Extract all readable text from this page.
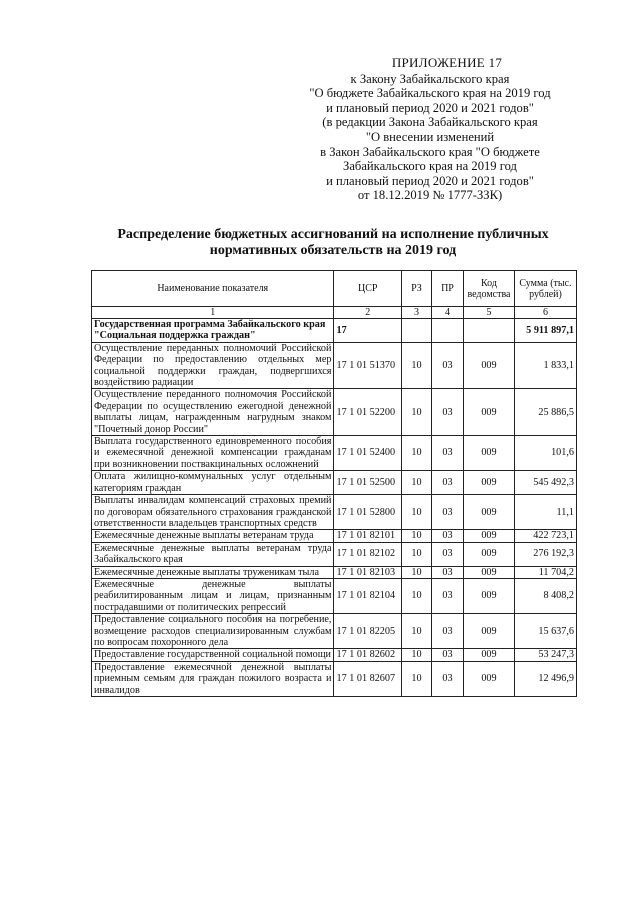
ПРИЛОЖЕНИЕ 17
к Закону Забайкальского края
"О бюджете Забайкальского края на 2019 год
и плановый период 2020 и 2021 годов"
(в редакции Закона Забайкальского края
"О внесении изменений
в Закон Забайкальского края "О бюджете
Забайкальского края на 2019 год
и плановый период 2020 и 2021 годов"
от 18.12.2019 № 1777-ЗЗК)
Распределение бюджетных ассигнований на исполнение публичных
нормативных обязательств на 2019 год
Наименование показателя	ЦСР	РЗ	ПР	Код ведомства	Сумма (тыс. рублей)
1	2	3	4	5	6
Государственная программа Забайкальского края "Социальная поддержка граждан"	17				5 911 897,1
Осуществление переданных полномочий Российской Федерации по предоставлению отдельных мер социальной поддержки граждан, подвергшихся воздействию радиации	17 1 01 51370	10	03	009	1 833,1
Осуществление переданного полномочия Российской Федерации по осуществлению ежегодной денежной выплаты лицам, награжденным нагрудным знаком "Почетный донор России"	17 1 01 52200	10	03	009	25 886,5
Выплата государственного единовременного пособия и ежемесячной денежной компенсации гражданам при возникновении поствакцинальных осложнений	17 1 01 52400	10	03	009	101,6
Оплата жилищно-коммунальных услуг отдельным категориям граждан	17 1 01 52500	10	03	009	545 492,3
Выплаты инвалидам компенсаций страховых премий по договорам обязательного страхования гражданской ответственности владельцев транспортных средств	17 1 01 52800	10	03	009	11,1
Ежемесячные денежные выплаты ветеранам труда	17 1 01 82101	10	03	009	422 723,1
Ежемесячные денежные выплаты ветеранам труда Забайкальского края	17 1 01 82102	10	03	009	276 192,3
Ежемесячные денежные выплаты труженикам тыла	17 1 01 82103	10	03	009	11 704,2
Ежемесячные денежные выплаты реабилитированным лицам и лицам, признанным пострадавшими от политических репрессий	17 1 01 82104	10	03	009	8 408,2
Предоставление социального пособия на погребение, возмещение расходов специализированным службам по вопросам похоронного дела	17 1 01 82205	10	03	009	15 637,6
Предоставление государственной социальной помощи	17 1 01 82602	10	03	009	53 247,3
Предоставление ежемесячной денежной выплаты приемным семьям для граждан пожилого возраста и инвалидов	17 1 01 82607	10	03	009	12 496,9
